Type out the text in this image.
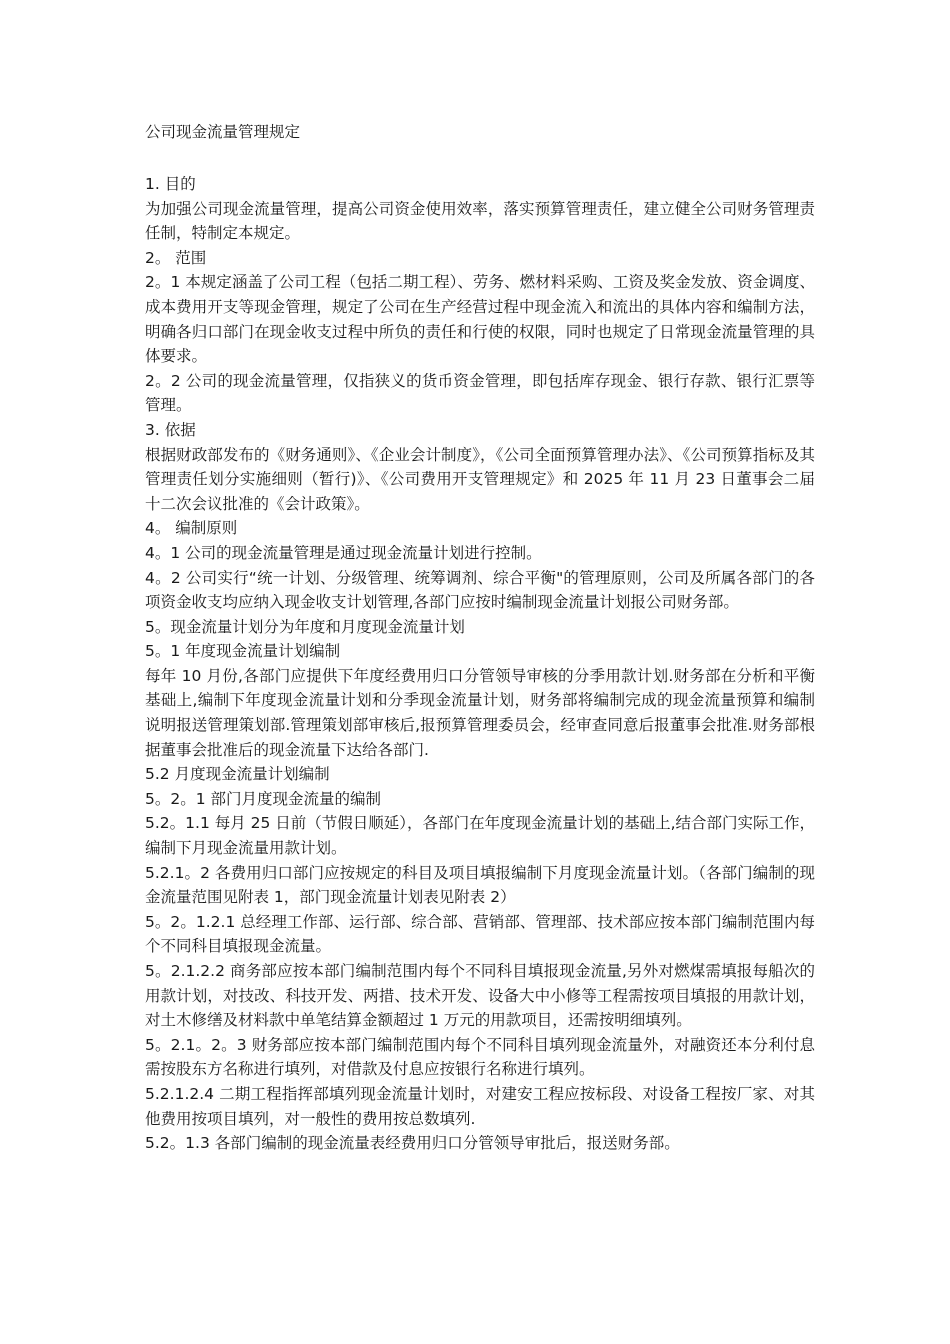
公司现金流量管理规定

1. 目的

为加强公司现金流量管理，提高公司资金使用效率，落实预算管理责任，建立健全公司财务管理责任制，特制定本规定。

2。 范围

2。1 本规定涵盖了公司工程（包括二期工程）、劳务、燃材料采购、工资及奖金发放、资金调度、成本费用开支等现金管理，规定了公司在生产经营过程中现金流入和流出的具体内容和编制方法，明确各归口部门在现金收支过程中所负的责任和行使的权限，同时也规定了日常现金流量管理的具体要求。

2。2 公司的现金流量管理，仅指狭义的货币资金管理，即包括库存现金、银行存款、银行汇票等管理。

3. 依据

根据财政部发布的《财务通则》、《企业会计制度》，《公司全面预算管理办法》、《公司预算指标及其管理责任划分实施细则（暂行)》、《公司费用开支管理规定》和 2025 年 11 月 23 日董事会二届十二次会议批准的《会计政策》。

4。 编制原则

4。1 公司的现金流量管理是通过现金流量计划进行控制。

4。2 公司实行“统一计划、分级管理、统筹调剂、综合平衡"的管理原则，公司及所属各部门的各项资金收支均应纳入现金收支计划管理,各部门应按时编制现金流量计划报公司财务部。

5。现金流量计划分为年度和月度现金流量计划

5。1 年度现金流量计划编制

每年 10 月份,各部门应提供下年度经费用归口分管领导审核的分季用款计划.财务部在分析和平衡基础上,编制下年度现金流量计划和分季现金流量计划，财务部将编制完成的现金流量预算和编制说明报送管理策划部.管理策划部审核后,报预算管理委员会，经审查同意后报董事会批准.财务部根据董事会批准后的现金流量下达给各部门.

5.2 月度现金流量计划编制

5。2。1 部门月度现金流量的编制

5.2。1.1 每月 25 日前（节假日顺延），各部门在年度现金流量计划的基础上,结合部门实际工作，编制下月现金流量用款计划。

5.2.1。2 各费用归口部门应按规定的科目及项目填报编制下月度现金流量计划。（各部门编制的现金流量范围见附表 1，部门现金流量计划表见附表 2）

5。2。1.2.1 总经理工作部、运行部、综合部、营销部、管理部、技术部应按本部门编制范围内每个不同科目填报现金流量。

5。2.1.2.2 商务部应按本部门编制范围内每个不同科目填报现金流量,另外对燃煤需填报每船次的用款计划，对技改、科技开发、两措、技术开发、设备大中小修等工程需按项目填报的用款计划，对土木修缮及材料款中单笔结算金额超过 1 万元的用款项目，还需按明细填列。

5。2.1。2。3 财务部应按本部门编制范围内每个不同科目填列现金流量外，对融资还本分利付息需按股东方名称进行填列，对借款及付息应按银行名称进行填列。

5.2.1.2.4 二期工程指挥部填列现金流量计划时，对建安工程应按标段、对设备工程按厂家、对其他费用按项目填列，对一般性的费用按总数填列.

5.2。1.3 各部门编制的现金流量表经费用归口分管领导审批后，报送财务部。
